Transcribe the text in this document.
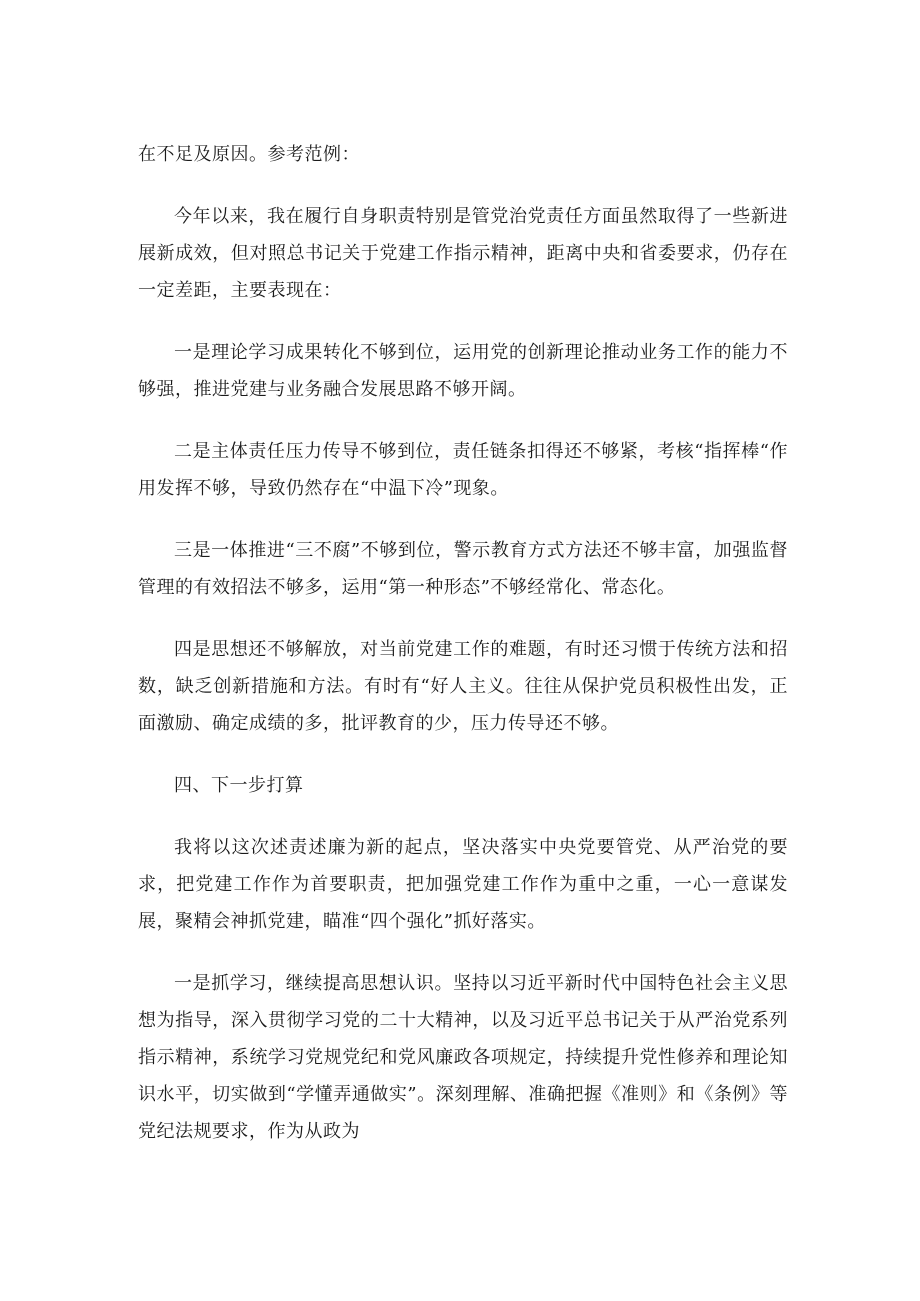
在不足及原因。参考范例：

今年以来，我在履行自身职责特别是管党治党责任方面虽然取得了一些新进展新成效，但对照总书记关于党建工作指示精神，距离中央和省委要求，仍存在一定差距，主要表现在：

一是理论学习成果转化不够到位，运用党的创新理论推动业务工作的能力不够强，推进党建与业务融合发展思路不够开阔。

二是主体责任压力传导不够到位，责任链条扣得还不够紧，考核“指挥棒“作用发挥不够，导致仍然存在“中温下冷”现象。

三是一体推进“三不腐”不够到位，警示教育方式方法还不够丰富，加强监督管理的有效招法不够多，运用“第一种形态”不够经常化、常态化。

四是思想还不够解放，对当前党建工作的难题，有时还习惯于传统方法和招数，缺乏创新措施和方法。有时有“好人主义。往往从保护党员积极性出发，正面激励、确定成绩的多，批评教育的少，压力传导还不够。

四、下一步打算

我将以这次述责述廉为新的起点，坚决落实中央党要管党、从严治党的要求，把党建工作作为首要职责，把加强党建工作作为重中之重，一心一意谋发展，聚精会神抓党建，瞄准“四个强化”抓好落实。

一是抓学习，继续提高思想认识。坚持以习近平新时代中国特色社会主义思想为指导，深入贯彻学习党的二十大精神，以及习近平总书记关于从严治党系列指示精神，系统学习党规党纪和党风廉政各项规定，持续提升党性修养和理论知识水平，切实做到“学懂弄通做实”。深刻理解、准确把握《准则》和《条例》等党纪法规要求，作为从政为
